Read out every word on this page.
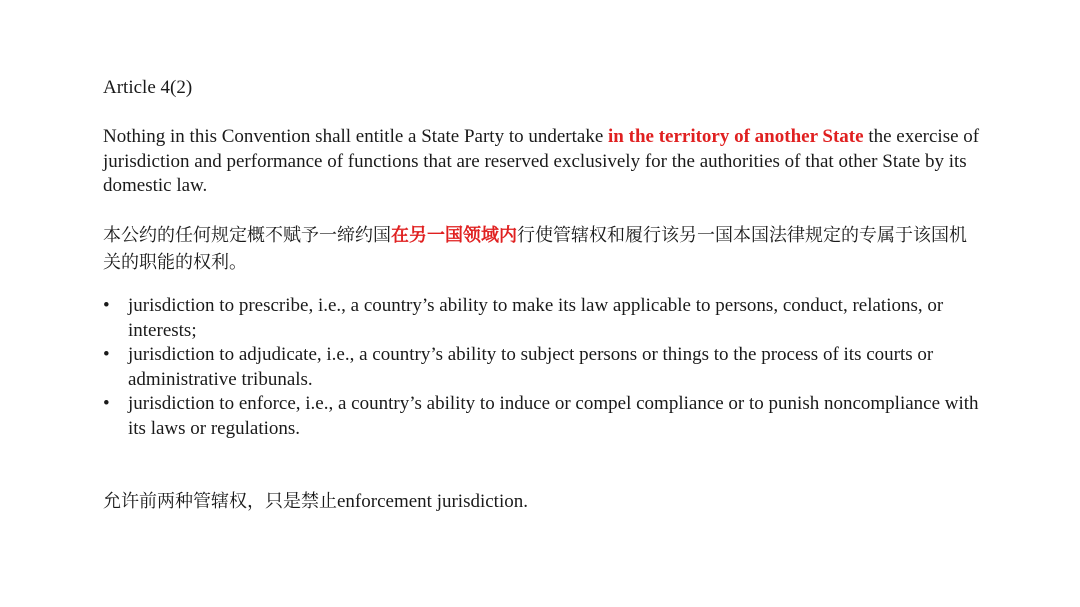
Article 4(2)

Nothing in this Convention shall entitle a State Party to undertake in the territory of another State the exercise of jurisdiction and performance of functions that are reserved exclusively for the authorities of that other State by its domestic law.

本公约的任何规定概不赋予一缔约国在另一国领域内行使管辖权和履行该另一国本国法律规定的专属于该国机关的职能的权利。

• jurisdiction to prescribe, i.e., a country’s ability to make its law applicable to persons, conduct, relations, or interests;
• jurisdiction to adjudicate, i.e., a country’s ability to subject persons or things to the process of its courts or administrative tribunals.
• jurisdiction to enforce, i.e., a country’s ability to induce or compel compliance or to punish noncompliance with its laws or regulations.
允许前两种管辖权，只是禁止enforcement jurisdiction.
